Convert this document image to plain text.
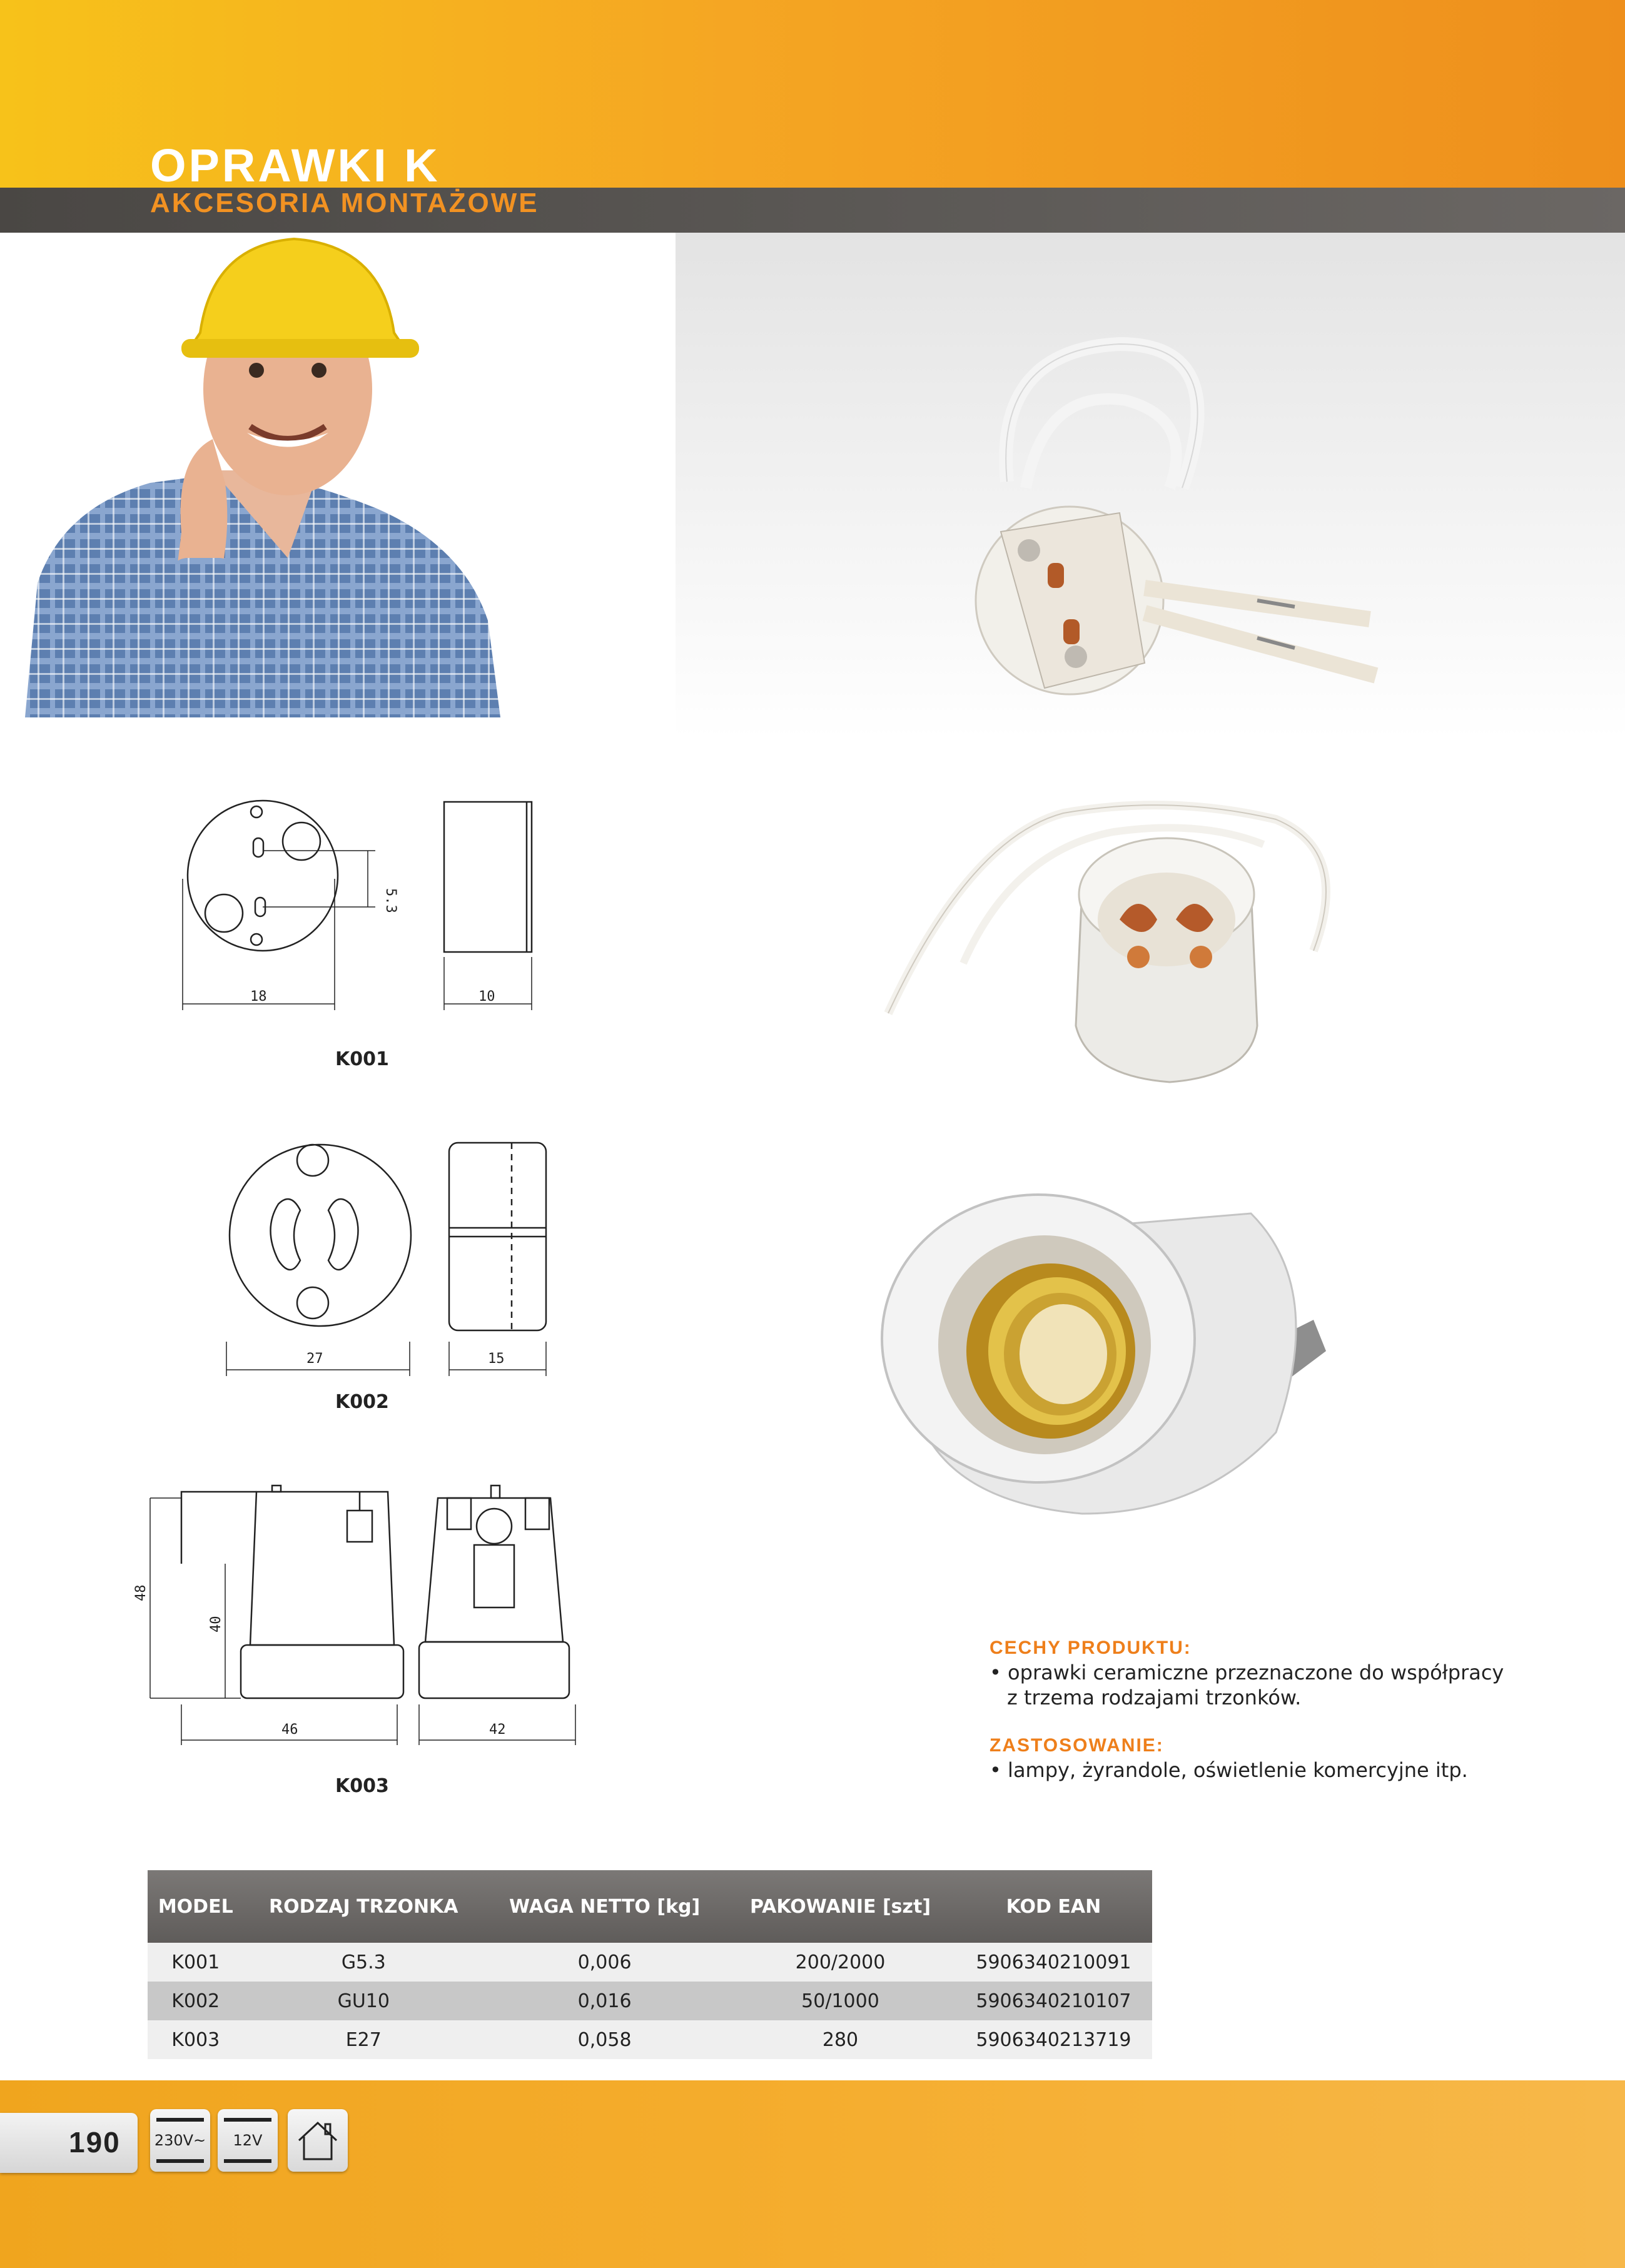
OPRAWKI K
AKCESORIA MONTAŻOWE
18	10
5.3
K001
27	15
K002
48
40
46	42
K003

CECHY PRODUKTU:

• oprawki ceramiczne przeznaczone do współpracy

z trzema rodzajami trzonków.

ZASTOSOWANIE:

• lampy, żyrandole, oświetlenie komercyjne itp.

MODEL	RODZAJ TRZONKA	WAGA NETTO [kg]	PAKOWANIE [szt]	KOD EAN
K001	G5.3	0,006	200/2000	5906340210091
K002	GU10	0,016	50/1000	5906340210107
K003	E27	0,058	280	5906340213719
190 230V~	12V
